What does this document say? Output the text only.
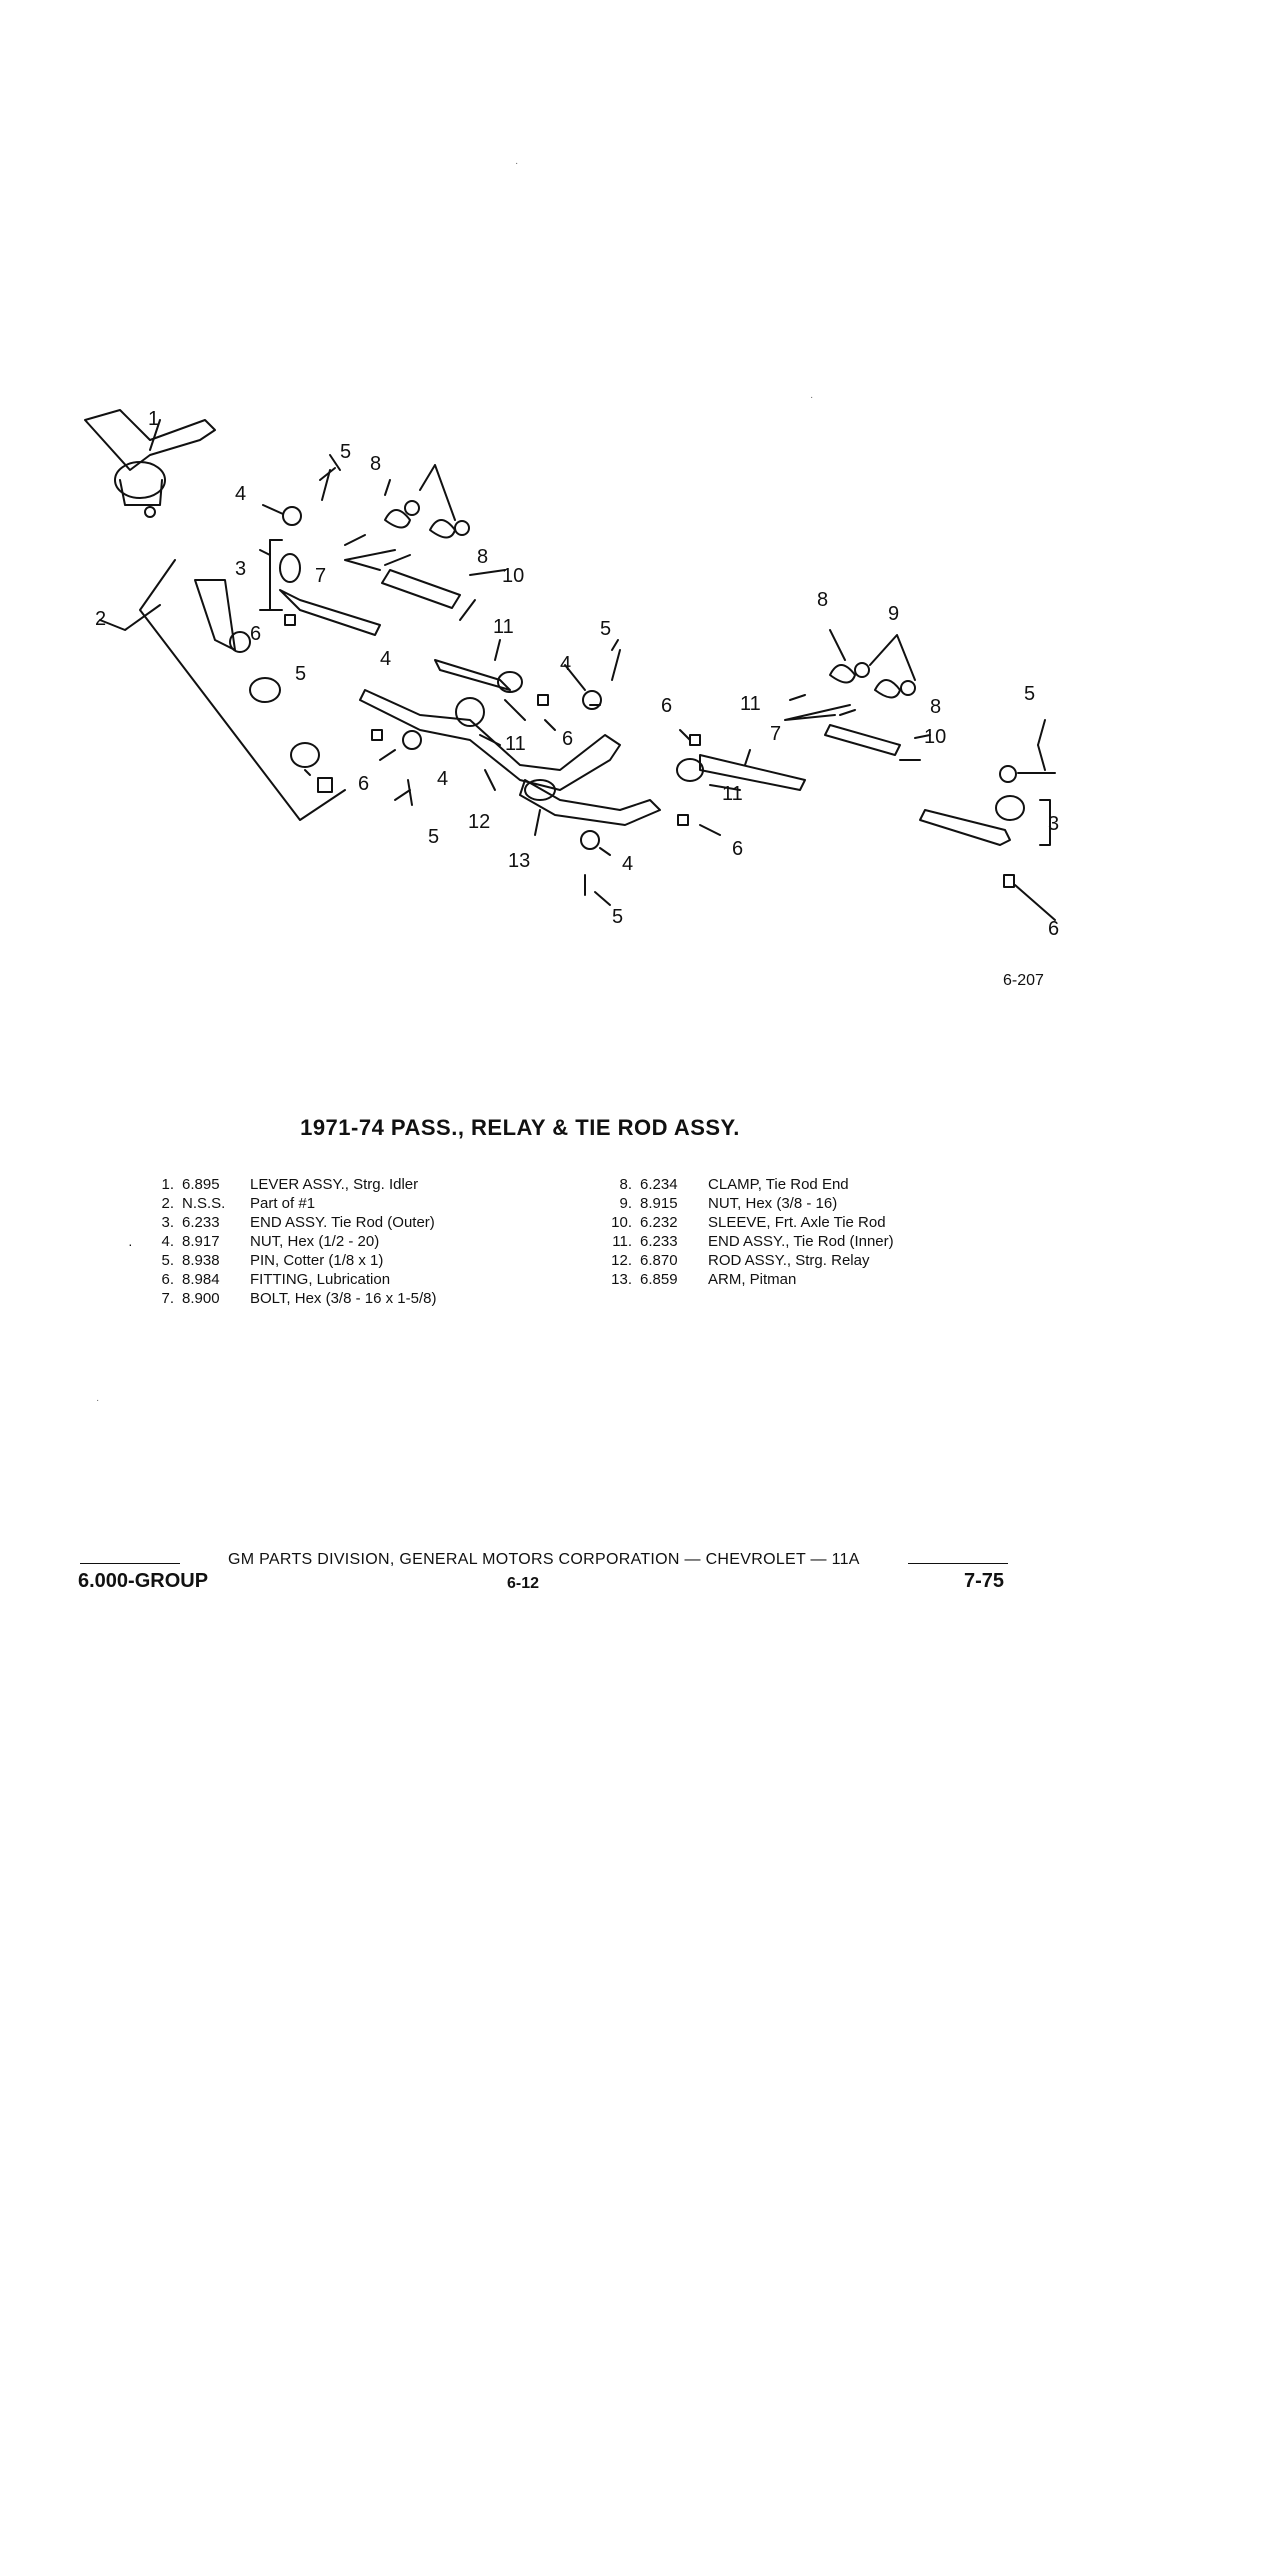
1
2
3
4
4	4
4
4
5
5
5
5
5
5
6
6
6
6
6
6
7
7
8
8
8
8
9
10
10
11
11
11
11
12
13
3
6-207
·
·
1971-74 PASS., RELAY & TIE ROD ASSY.
·
1. 6.895	LEVER ASSY., Strg. Idler
2. N.S.S.	Part of #1
3. 6.233	END ASSY. Tie Rod (Outer)
4. 8.917	NUT, Hex (1/2 - 20)
5. 8.938	PIN, Cotter (1/8 x 1)
6. 8.984	FITTING, Lubrication
7. 8.900	BOLT, Hex (3/8 - 16 x 1-5/8)
8. 6.234	CLAMP, Tie Rod End
9. 8.915	NUT, Hex (3/8 - 16)
10. 6.232	SLEEVE, Frt. Axle Tie Rod
11. 6.233	END ASSY., Tie Rod (Inner)
12. 6.870	ROD ASSY., Strg. Relay
13. 6.859	ARM, Pitman
·
GM PARTS DIVISION, GENERAL MOTORS CORPORATION — CHEVROLET — 11A
6.000-GROUP	6-12	7-75
